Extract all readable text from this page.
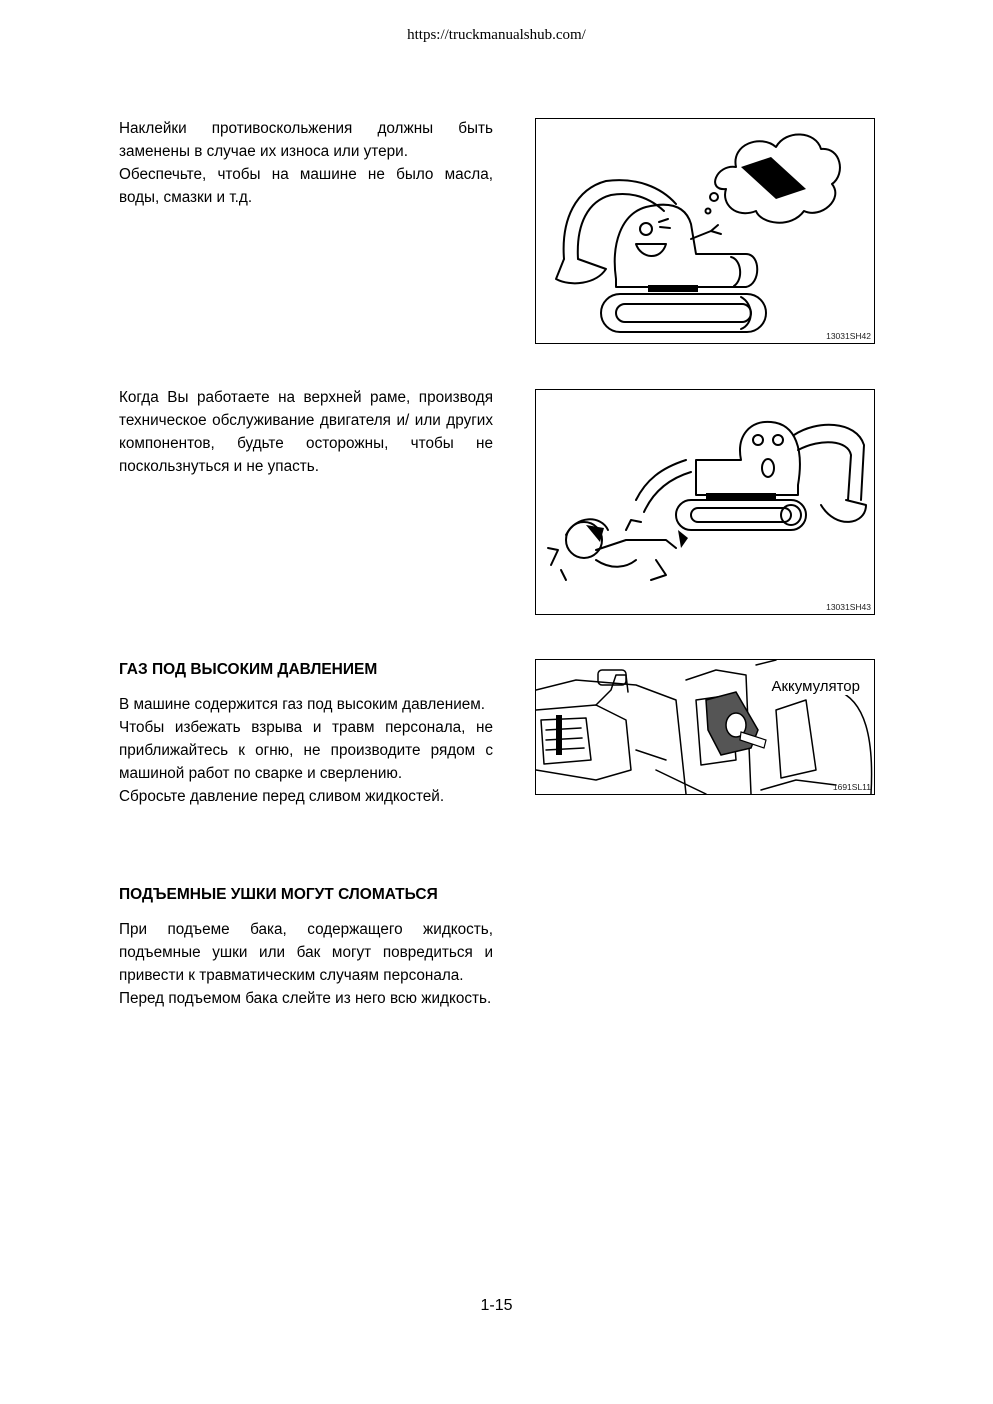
https://truckmanualshub.com/

Наклейки противоскольжения должны быть заменены в случае их износа или утери.

Обеспечьте, чтобы на машине не было масла, воды, смазки и т.д.

13031SH42

Когда Вы работаете на верхней раме, производя техническое обслуживание двигателя и/ или других компонентов, будьте осторожны, чтобы не поскользнуться и не упасть.

13031SH43
ГАЗ ПОД ВЫСОКИМ ДАВЛЕНИЕМ

В машине содержится газ под высоким давлением.

Чтобы избежать взрыва и травм персонала, не приближайтесь к огню, не производите рядом с машиной работ по сварке и сверлению.

Сбросьте давление перед сливом жидкостей.

Аккумулятор
1691SL11
ПОДЪЕМНЫЕ УШКИ МОГУТ СЛОМАТЬСЯ

При подъеме бака, содержащего жидкость, подъемные ушки или бак могут повредиться и привести к травматическим случаям персонала.

Перед подъемом бака слейте из него всю жидкость.

1-15
